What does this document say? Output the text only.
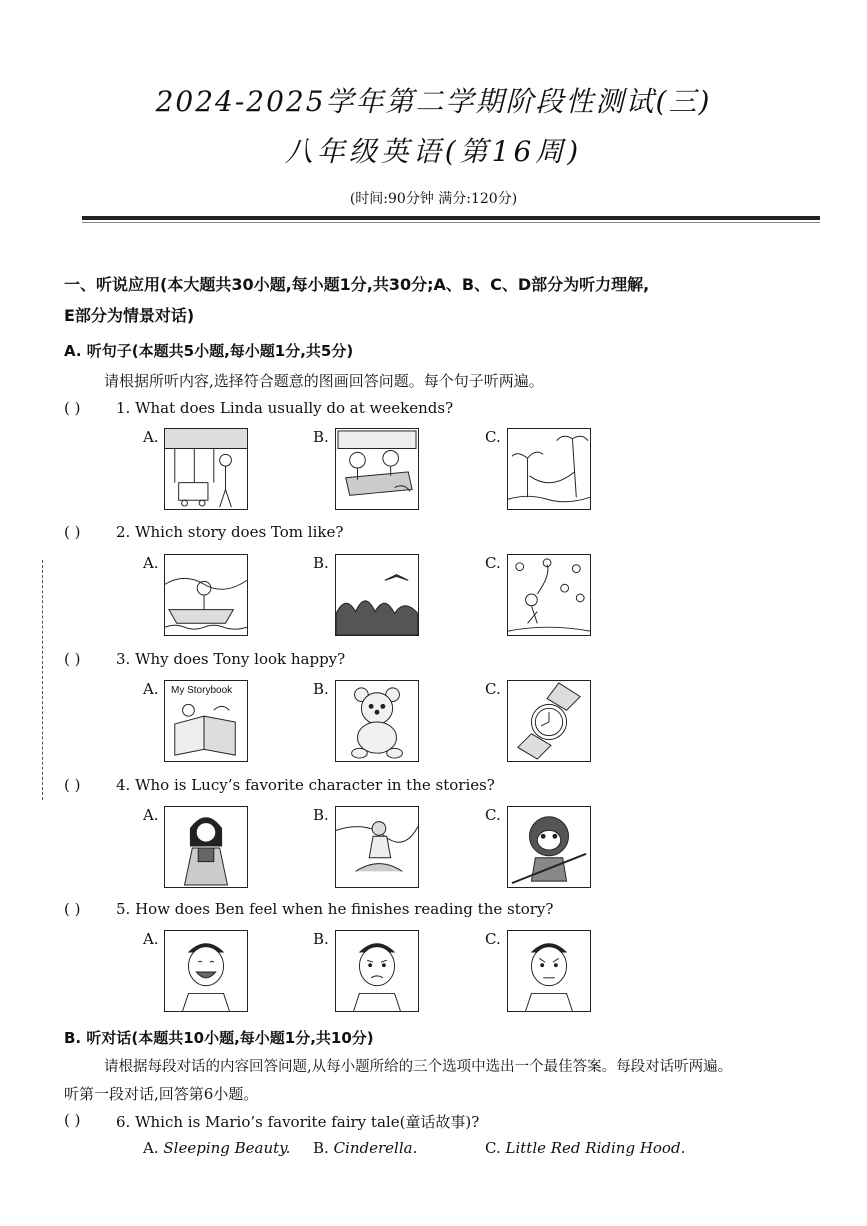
2024-2025学年第二学期阶段性测试(三)
八年级英语(第16周)
(时间:90分钟 满分:120分)
一、听说应用(本大题共30小题,每小题1分,共30分;A、B、C、D部分为听力理解,
E部分为情景对话)
A. 听句子(本题共5小题,每小题1分,共5分)
请根据所听内容,选择符合题意的图画回答问题。每个句子听两遍。
( ) 1. What does Linda usually do at weekends?
A.	B.	C.
( ) 2. Which story does Tom like?
A.	B.	C.
( ) 3. Why does Tony look happy?
A. My Storybook	B.	C.
( ) 4. Who is Lucy’s favorite character in the stories?
A.	B.	C.
( ) 5. How does Ben feel when he finishes reading the story?
A.	B.	C.
B. 听对话(本题共10小题,每小题1分,共10分)
请根据每段对话的内容回答问题,从每小题所给的三个选项中选出一个最佳答案。每段对话听两遍。
听第一段对话,回答第6小题。
( ) 6. Which is Mario’s favorite fairy tale(童话故事)?
A. Sleeping Beauty. B. Cinderella.	C. Little Red Riding Hood.
